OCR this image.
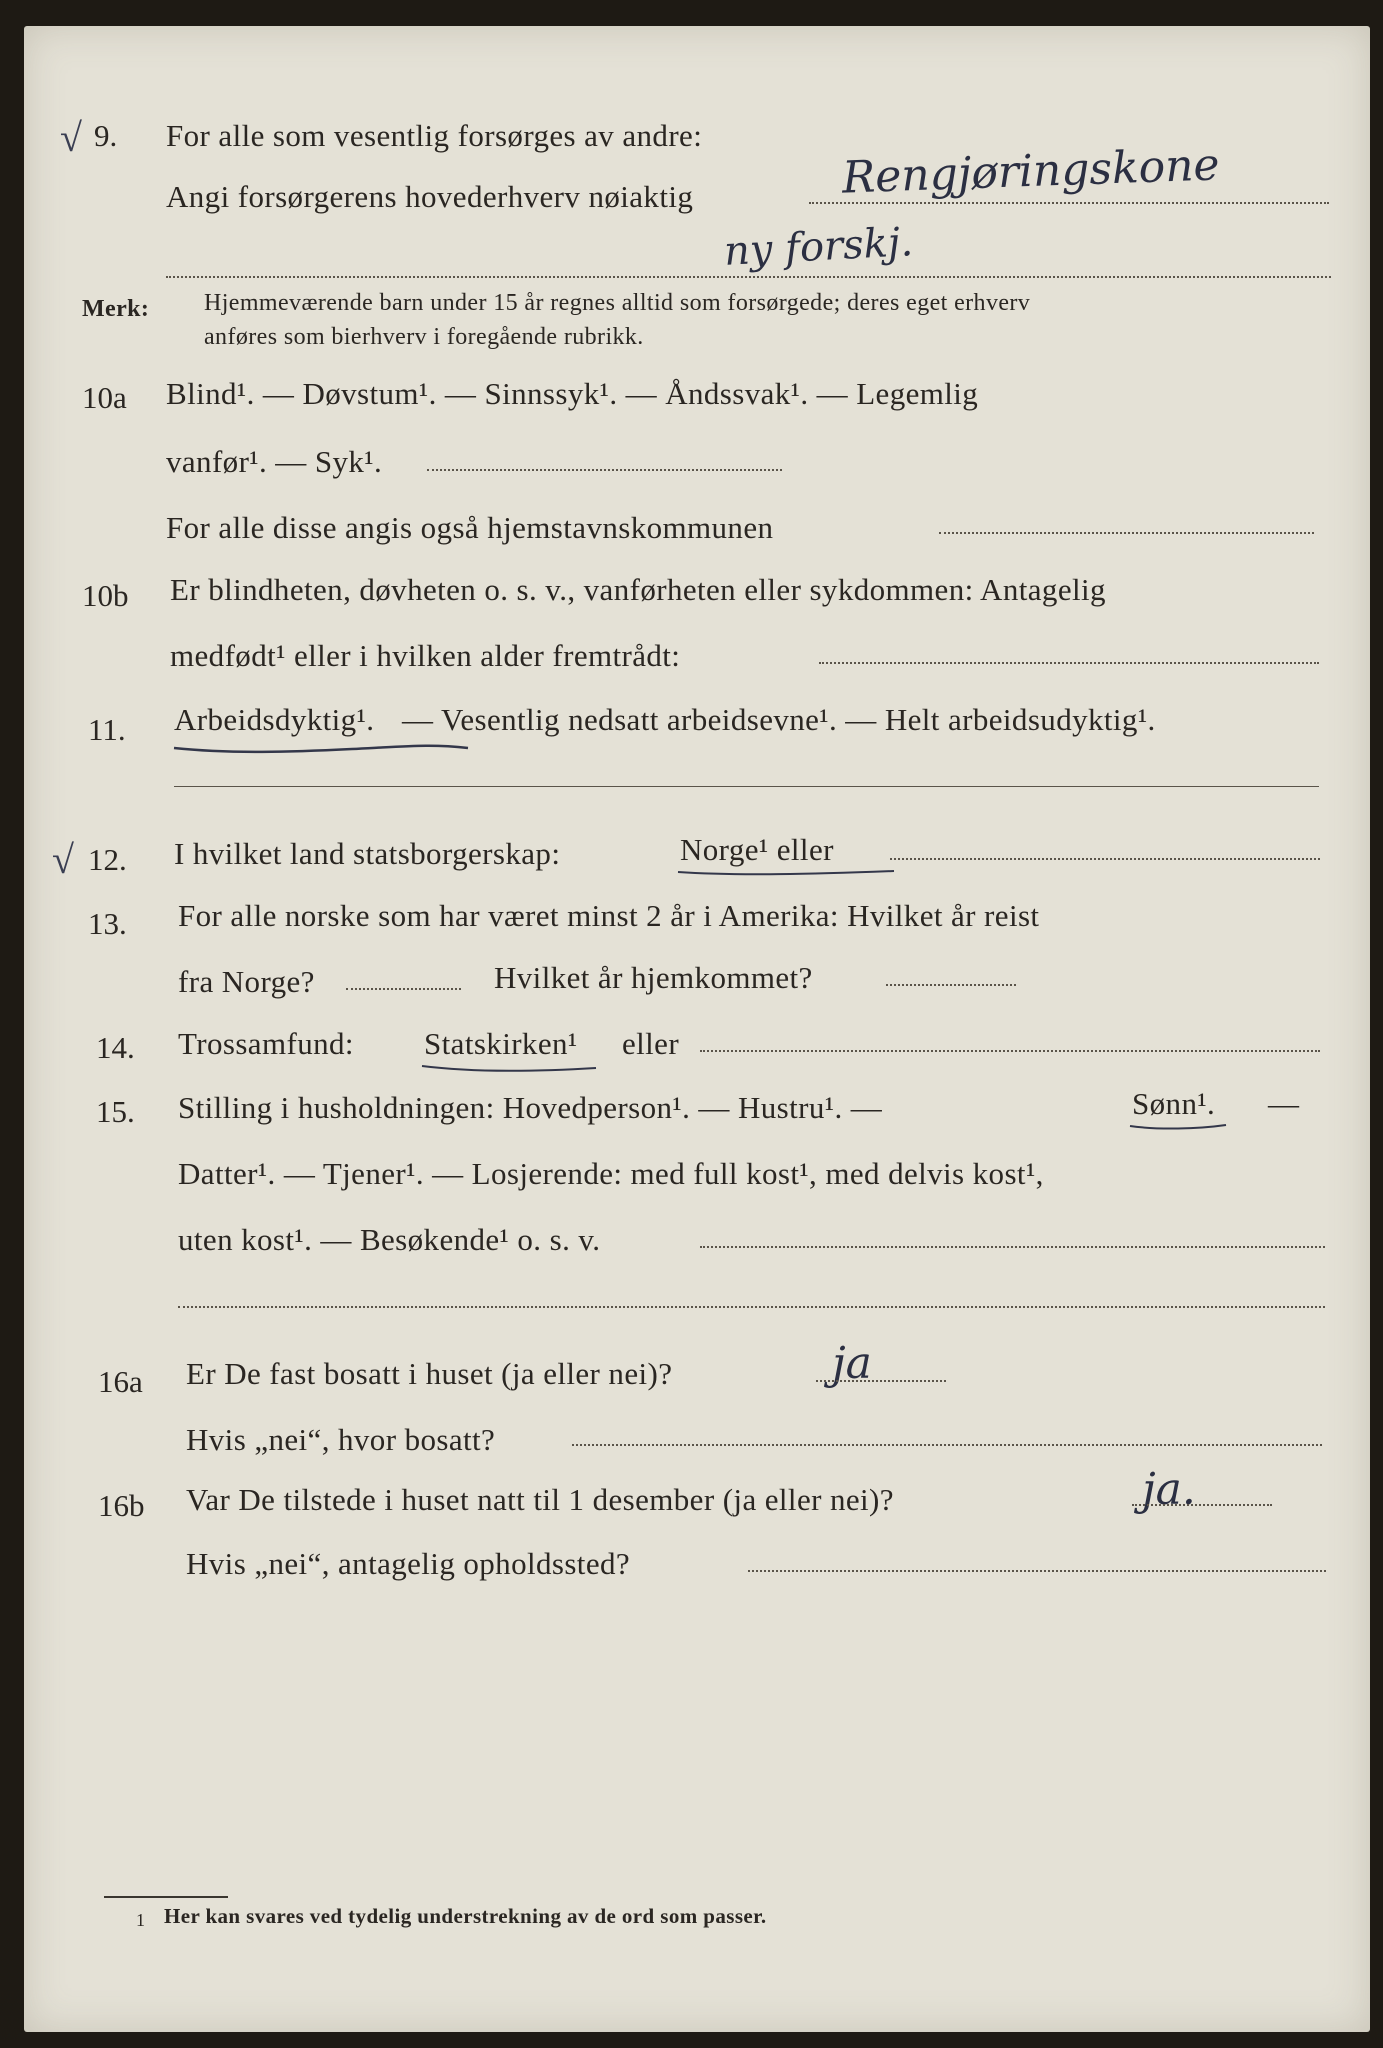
√ 9. For alle som vesentlig forsørges av andre:
Angi forsørgerens hovederhverv nøiaktig	Rengjøringskone
ny forskj.
Merk: Hjemmeværende barn under 15 år regnes alltid som forsørgede; deres eget erhverv
anføres som bierhverv i foregående rubrikk.
10a Blind¹. — Døvstum¹. — Sinnssyk¹. — Åndssvak¹. — Legemlig
vanfør¹. — Syk¹.
For alle disse angis også hjemstavnskommunen
10b Er blindheten, døvheten o. s. v., vanførheten eller sykdommen: Antagelig
medfødt¹ eller i hvilken alder fremtrådt:
11. Arbeidsdyktig¹. — Vesentlig nedsatt arbeidsevne¹. — Helt arbeidsudyktig¹.
√ 12. I hvilket land statsborgerskap:	Norge¹ eller
13. For alle norske som har været minst 2 år i Amerika: Hvilket år reist
fra Norge?	Hvilket år hjemkommet?
14. Trossamfund: Statskirken¹ eller
15. Stilling i husholdningen: Hovedperson¹. — Hustru¹. —	Sønn¹. —
Datter¹. — Tjener¹. — Losjerende: med full kost¹, med delvis kost¹,
uten kost¹. — Besøkende¹ o. s. v.
16a Er De fast bosatt i huset (ja eller nei)?	ja
Hvis „nei“, hvor bosatt?
16b Var De tilstede i huset natt til 1 desember (ja eller nei)?	ja.
Hvis „nei“, antagelig opholdssted?
1 Her kan svares ved tydelig understrekning av de ord som passer.
